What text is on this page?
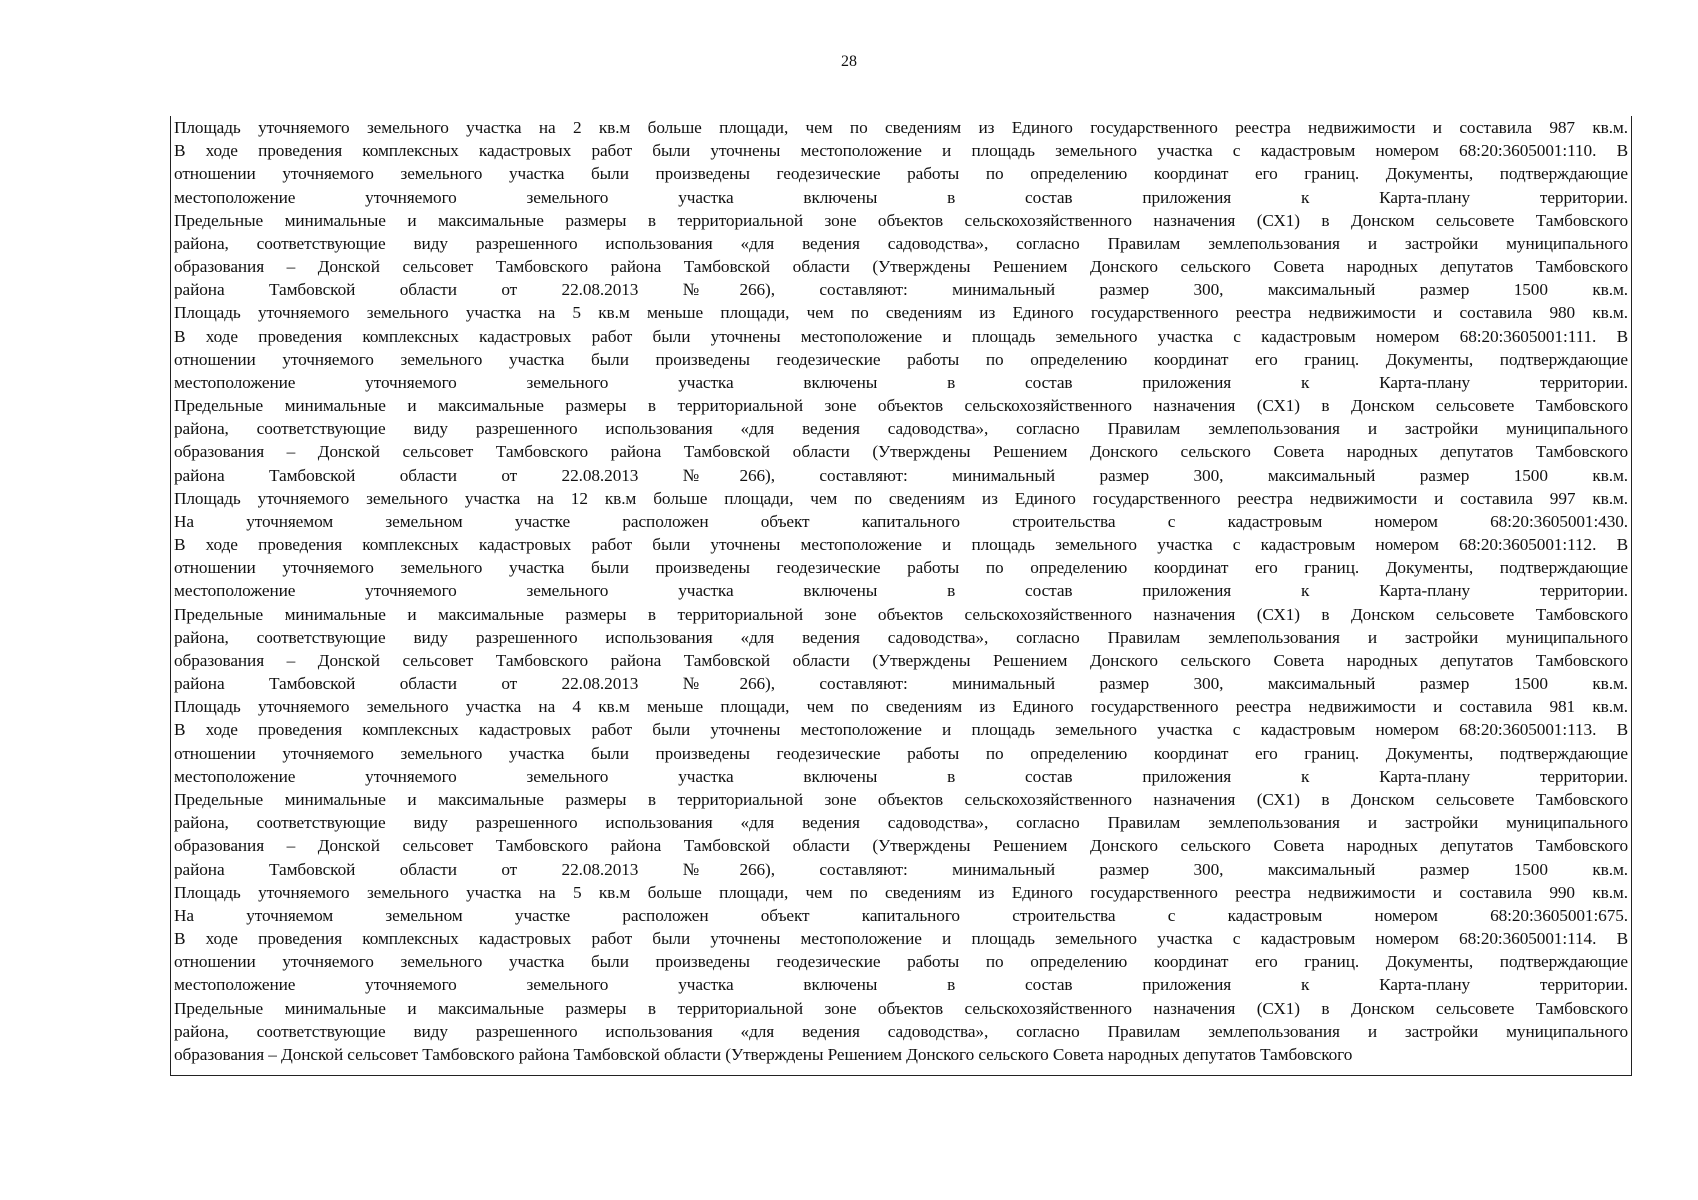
28
Площадь уточняемого земельного участка на 2 кв.м больше площади, чем по сведениям из Единого государственного реестра недвижимости и составила 987 кв.м.
В ходе проведения комплексных кадастровых работ были уточнены местоположение и площадь земельного участка с кадастровым номером 68:20:3605001:110. В
отношении уточняемого земельного участка были произведены геодезические работы по определению координат его границ. Документы, подтверждающие
местоположение уточняемого земельного участка включены в состав приложения к Карта-плану территории.
Предельные минимальные и максимальные размеры в территориальной зоне объектов сельскохозяйственного назначения (СХ1) в Донском сельсовете Тамбовского
района, соответствующие виду разрешенного использования «для ведения садоводства», согласно Правилам землепользования и застройки муниципального
образования – Донской сельсовет Тамбовского района Тамбовской области (Утверждены Решением Донского сельского Совета народных депутатов Тамбовского
района Тамбовской области от 22.08.2013 №266), составляют: минимальный размер 300, максимальный размер 1500 кв.м.
Площадь уточняемого земельного участка на 5 кв.м меньше площади, чем по сведениям из Единого государственного реестра недвижимости и составила 980 кв.м.
В ходе проведения комплексных кадастровых работ были уточнены местоположение и площадь земельного участка с кадастровым номером 68:20:3605001:111. В
отношении уточняемого земельного участка были произведены геодезические работы по определению координат его границ. Документы, подтверждающие
местоположение уточняемого земельного участка включены в состав приложения к Карта-плану территории.
Предельные минимальные и максимальные размеры в территориальной зоне объектов сельскохозяйственного назначения (СХ1) в Донском сельсовете Тамбовского
района, соответствующие виду разрешенного использования «для ведения садоводства», согласно Правилам землепользования и застройки муниципального
образования – Донской сельсовет Тамбовского района Тамбовской области (Утверждены Решением Донского сельского Совета народных депутатов Тамбовского
района Тамбовской области от 22.08.2013 №266), составляют: минимальный размер 300, максимальный размер 1500 кв.м.
Площадь уточняемого земельного участка на 12 кв.м больше площади, чем по сведениям из Единого государственного реестра недвижимости и составила 997 кв.м.
На уточняемом земельном участке расположен объект капитального строительства с кадастровым номером 68:20:3605001:430.
В ходе проведения комплексных кадастровых работ были уточнены местоположение и площадь земельного участка с кадастровым номером 68:20:3605001:112. В
отношении уточняемого земельного участка были произведены геодезические работы по определению координат его границ. Документы, подтверждающие
местоположение уточняемого земельного участка включены в состав приложения к Карта-плану территории.
Предельные минимальные и максимальные размеры в территориальной зоне объектов сельскохозяйственного назначения (СХ1) в Донском сельсовете Тамбовского
района, соответствующие виду разрешенного использования «для ведения садоводства», согласно Правилам землепользования и застройки муниципального
образования – Донской сельсовет Тамбовского района Тамбовской области (Утверждены Решением Донского сельского Совета народных депутатов Тамбовского
района Тамбовской области от 22.08.2013 №266), составляют: минимальный размер 300, максимальный размер 1500 кв.м.
Площадь уточняемого земельного участка на 4 кв.м меньше площади, чем по сведениям из Единого государственного реестра недвижимости и составила 981 кв.м.
В ходе проведения комплексных кадастровых работ были уточнены местоположение и площадь земельного участка с кадастровым номером 68:20:3605001:113. В
отношении уточняемого земельного участка были произведены геодезические работы по определению координат его границ. Документы, подтверждающие
местоположение уточняемого земельного участка включены в состав приложения к Карта-плану территории.
Предельные минимальные и максимальные размеры в территориальной зоне объектов сельскохозяйственного назначения (СХ1) в Донском сельсовете Тамбовского
района, соответствующие виду разрешенного использования «для ведения садоводства», согласно Правилам землепользования и застройки муниципального
образования – Донской сельсовет Тамбовского района Тамбовской области (Утверждены Решением Донского сельского Совета народных депутатов Тамбовского
района Тамбовской области от 22.08.2013 №266), составляют: минимальный размер 300, максимальный размер 1500 кв.м.
Площадь уточняемого земельного участка на 5 кв.м больше площади, чем по сведениям из Единого государственного реестра недвижимости и составила 990 кв.м.
На уточняемом земельном участке расположен объект капитального строительства с кадастровым номером 68:20:3605001:675.
В ходе проведения комплексных кадастровых работ были уточнены местоположение и площадь земельного участка с кадастровым номером 68:20:3605001:114. В
отношении уточняемого земельного участка были произведены геодезические работы по определению координат его границ. Документы, подтверждающие
местоположение уточняемого земельного участка включены в состав приложения к Карта-плану территории.
Предельные минимальные и максимальные размеры в территориальной зоне объектов сельскохозяйственного назначения (СХ1) в Донском сельсовете Тамбовского
района, соответствующие виду разрешенного использования «для ведения садоводства», согласно Правилам землепользования и застройки муниципального
образования – Донской сельсовет Тамбовского района Тамбовской области (Утверждены Решением Донского сельского Совета народных депутатов Тамбовского
